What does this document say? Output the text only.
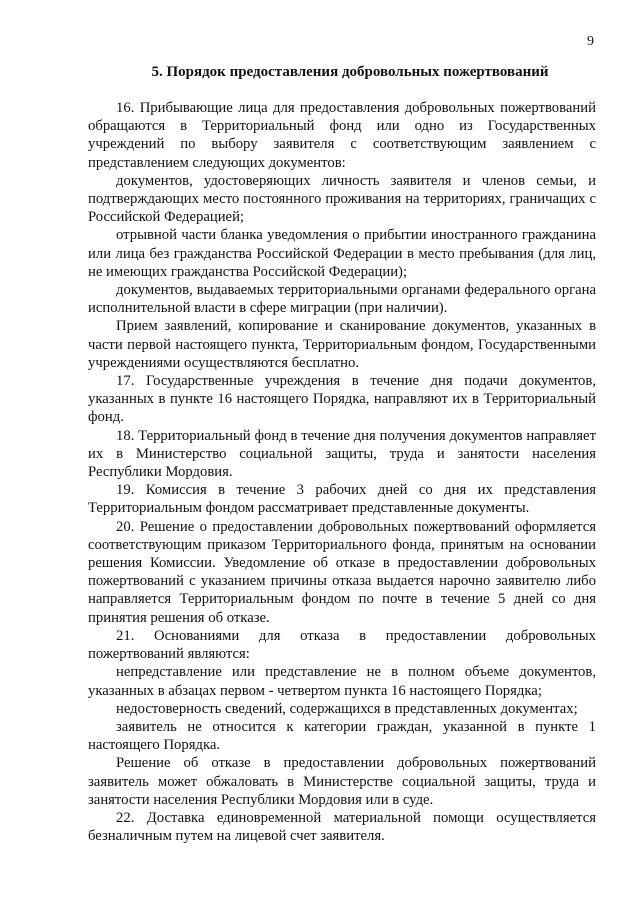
9
5. Порядок предоставления добровольных пожертвований

16. Прибывающие лица для предоставления добровольных пожертвований обращаются в Территориальный фонд или одно из Государственных учреждений по выбору заявителя с соответствующим заявлением с представлением следующих документов:

документов, удостоверяющих личность заявителя и членов семьи, и подтверждающих место постоянного проживания на территориях, граничащих с Российской Федерацией;

отрывной части бланка уведомления о прибытии иностранного гражданина или лица без гражданства Российской Федерации в место пребывания (для лиц, не имеющих гражданства Российской Федерации);

документов, выдаваемых территориальными органами федерального органа исполнительной власти в сфере миграции (при наличии).

Прием заявлений, копирование и сканирование документов, указанных в части первой настоящего пункта, Территориальным фондом, Государственными учреждениями осуществляются бесплатно.

17. Государственные учреждения в течение дня подачи документов, указанных в пункте 16 настоящего Порядка, направляют их в Территориальный фонд.

18. Территориальный фонд в течение дня получения документов направляет их в Министерство социальной защиты, труда и занятости населения Республики Мордовия.

19. Комиссия в течение 3 рабочих дней со дня их представления Территориальным фондом рассматривает представленные документы.

20. Решение о предоставлении добровольных пожертвований оформляется соответствующим приказом Территориального фонда, принятым на основании решения Комиссии. Уведомление об отказе в предоставлении добровольных пожертвований с указанием причины отказа выдается нарочно заявителю либо направляется Территориальным фондом по почте в течение 5 дней со дня принятия решения об отказе.

21. Основаниями для отказа в предоставлении добровольных пожертвований являются:

непредставление или представление не в полном объеме документов, указанных в абзацах первом - четвертом пункта 16 настоящего Порядка;

недостоверность сведений, содержащихся в представленных документах;

заявитель не относится к категории граждан, указанной в пункте 1 настоящего Порядка.

Решение об отказе в предоставлении добровольных пожертвований заявитель может обжаловать в Министерстве социальной защиты, труда и занятости населения Республики Мордовия или в суде.

22. Доставка единовременной материальной помощи осуществляется безналичным путем на лицевой счет заявителя.
